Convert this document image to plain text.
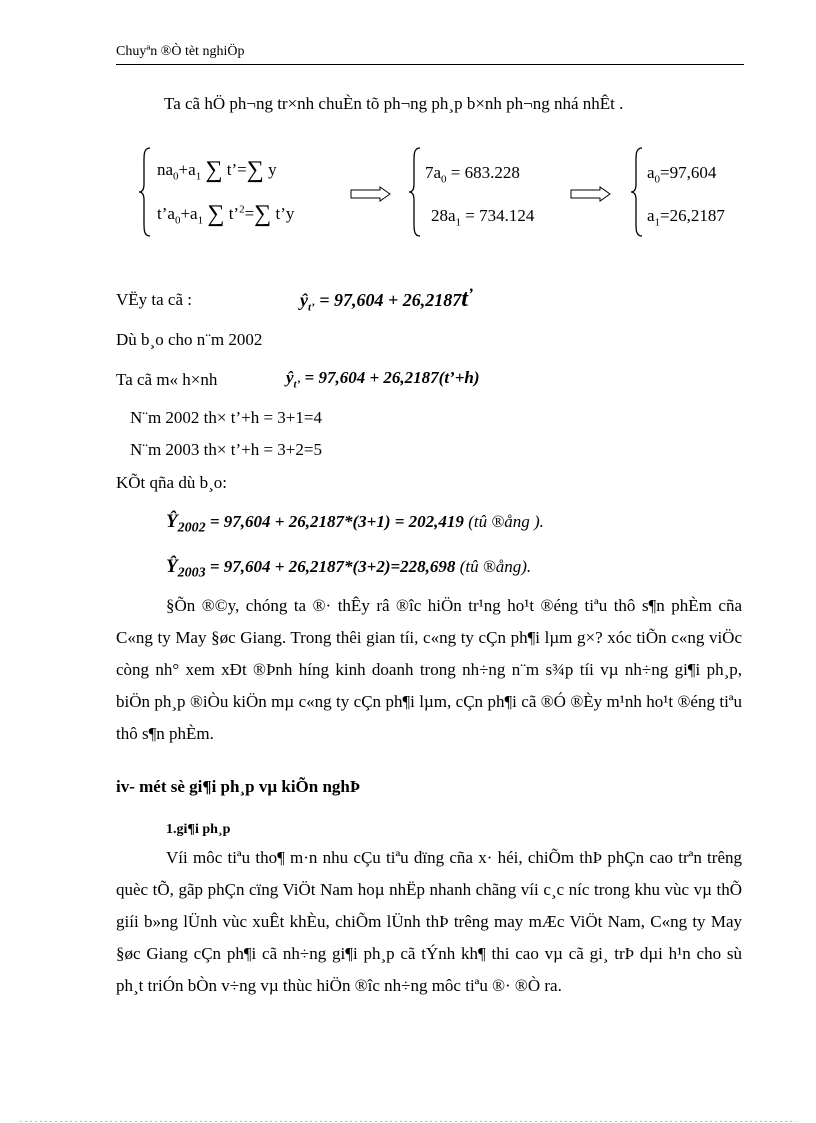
Chuyªn ®Ò tèt nghiÖp
Ta cã hÖ ph¬ng tr×nh chuÈn tõ ph¬ng ph¸p b×nh ph¬ng nhá nhÊt .
$na_0+a_1$ ∑ t’=∑ y
$t’a_0+a_1$ ∑ t’$^2$=∑ t’y
$7a_0 = 683.228$
$28a_1 = 734.124$
$a_0=97,604$
$a_1=26,2187$
VËy ta cã :	$ŷ_{t’} = 97,604 + 26,2187t^’$
Dù b¸o cho n¨m 2002
Ta cã m« h×nh	$ŷ_{t’} = 97,604$ + 26,2187(t’+h)
N¨m 2002 th× t’+h = 3+1=4
N¨m 2003 th× t’+h = 3+2=5
KÕt qña dù b¸o:
$Ŷ_{2002} = 97,604 + 26,2187*(3+1) = 202,419$ (tû ®ång ).
$Ŷ_{2003} = 97,604 + 26,2187*(3+2)=228,698$ (tû ®ång).
§Õn ®©y, chóng ta ®· thÊy râ ®îc hiÖn tr¹ng ho¹t ®éng tiªu thô s¶n phÈm cña C«ng ty May §øc Giang. Trong thêi gian tíi, c«ng ty cÇn ph¶i lµm g×? xóc tiÕn c«ng viÖc còng nh° xem xÐt ®Þnh híng kinh doanh trong nh÷ng n¨m s¾p tíi vµ nh÷ng gi¶i ph¸p, biÖn ph¸p ®iÒu kiÖn mµ c«ng ty cÇn ph¶i lµm, cÇn ph¶i cã ®Ó ®Èy m¹nh ho¹t ®éng tiªu thô s¶n phÈm.
iv- mét sè gi¶i ph¸p vµ kiÕn nghÞ
1.gi¶i ph¸p
Víi môc tiªu tho¶ m·n nhu cÇu tiªu dïng cña x· héi, chiÕm thÞ phÇn cao trªn trêng quèc tÕ, gãp phÇn cïng ViÖt Nam hoµ nhËp nhanh chãng víi c¸c níc trong khu vùc vµ thÕ giíi b»ng lÜnh vùc xuÊt khÈu, chiÕm lÜnh thÞ trêng may mÆc ViÖt Nam, C«ng ty May §øc Giang cÇn ph¶i cã nh÷ng gi¶i ph¸p cã tÝnh kh¶ thi cao vµ cã gi¸ trÞ dµi h¹n cho sù ph¸t triÓn bÒn v÷ng vµ thùc hiÖn ®îc nh÷ng môc tiªu ®· ®Ò ra.
